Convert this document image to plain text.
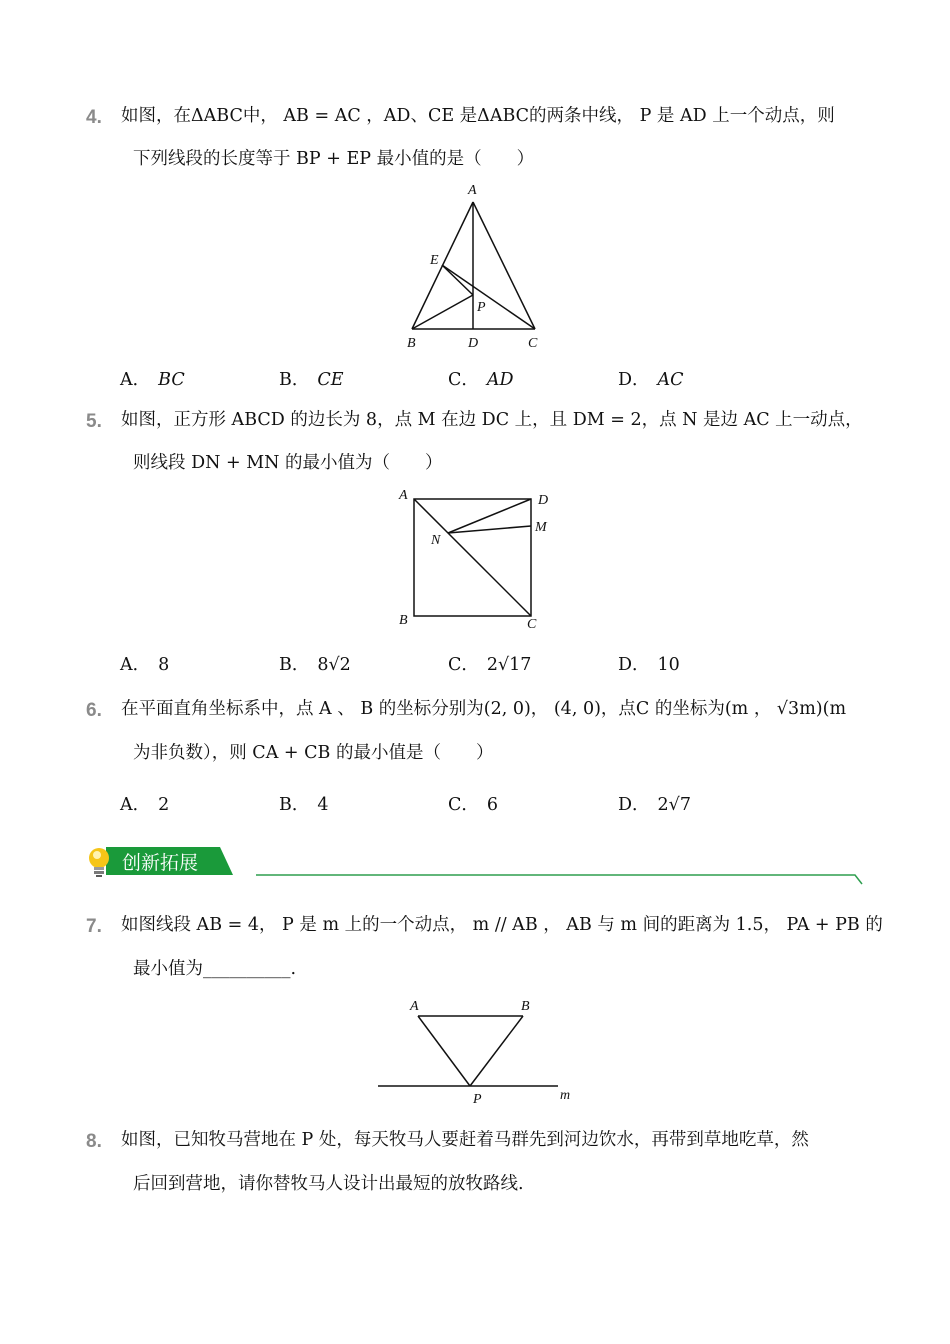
4. 如图，在ΔABC中， AB = AC ，AD、CE 是ΔABC的两条中线， P 是 AD 上一个动点，则
下列线段的长度等于 BP + EP 最小值的是（　　）
A
E
P
B	D	C
A． BC	B． CE	C． AD	D． AC
5. 如图，正方形 ABCD 的边长为 8，点 M 在边 DC 上，且 DM = 2，点 N 是边 AC 上一动点，
则线段 DN + MN 的最小值为（　　）
A	D
M
N
B	C
A． 8	B． 8√2	C． 2√17	D． 10
6. 在平面直角坐标系中，点 A 、 B 的坐标分别为(2, 0)， (4, 0)，点C 的坐标为(m ， √3m)(m
为非负数），则 CA + CB 的最小值是（　　）
A． 2	B． 4	C． 6	D． 2√7
创新拓展
7. 如图线段 AB = 4， P 是 m 上的一个动点， m // AB ， AB 与 m 间的距离为 1.5， PA + PB 的
最小值为__________.
A	B
P	m
8. 如图，已知牧马营地在 P 处，每天牧马人要赶着马群先到河边饮水，再带到草地吃草，然
后回到营地，请你替牧马人设计出最短的放牧路线.
